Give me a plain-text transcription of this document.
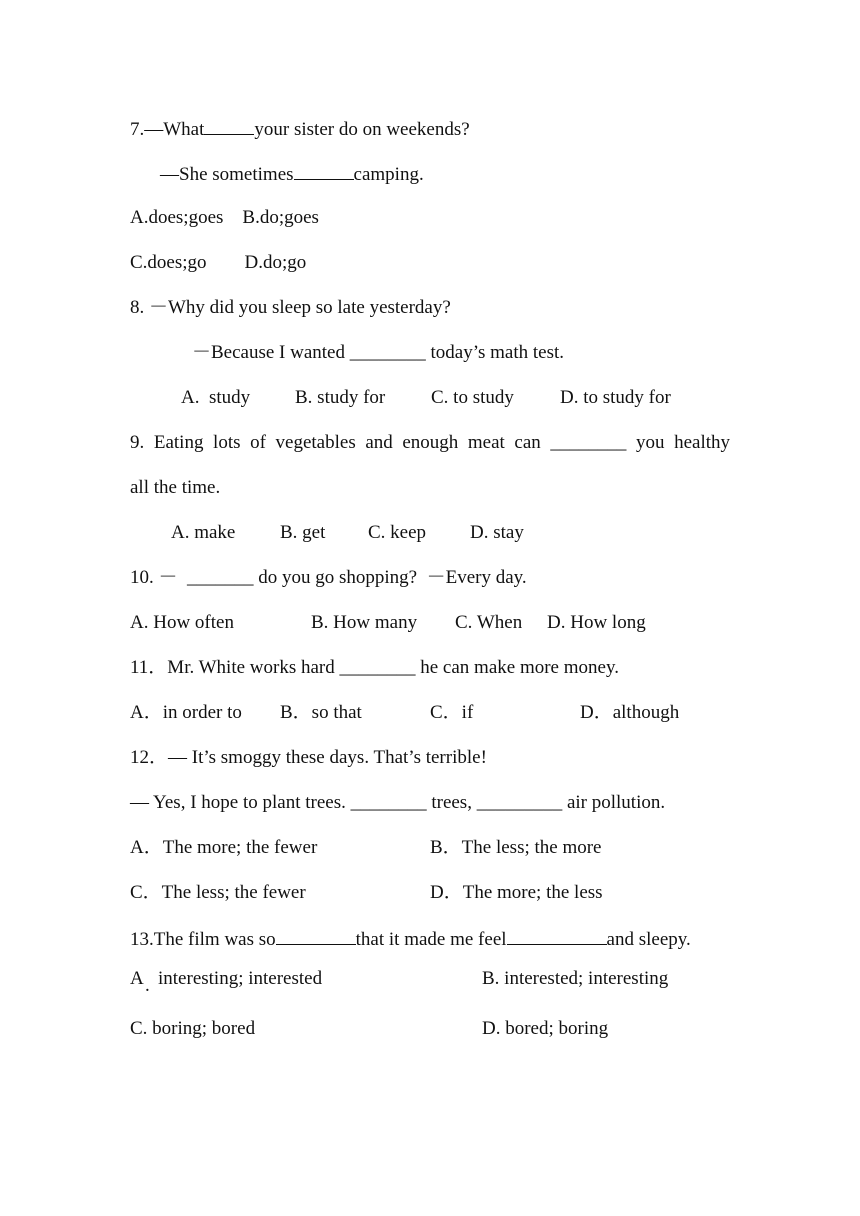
7.—What	your sister do on weekends?
—She sometimes	camping.
A.does;goes    B.do;goes
C.does;go        D.do;go
8. －Why did you sleep so late yesterday?
－Because I wanted ________ today’s math test.
A.  study B. study for C. to study D. to study for
9. Eating lots of vegetables and enough meat can ________ you healthy
all the time.
A. make B. get C. keep D. stay
10. －  _______ do you go shopping?  －Every day.
A. How often	B. How many C. When D. How long
11．Mr. White works hard ________ he can make more money.
A．in order to B．so that	C．if	D．although
12．— It’s smoggy these days. That’s terrible!
— Yes, I hope to plant trees. ________ trees, _________ air pollution.
A．The more; the fewer	B．The less; the more
C．The less; the fewer	D．The more; the less
13.The film was so	that it made me feel	and sleepy.
A . interesting; interested	B. interested; interesting
C. boring; bored	D. bored; boring
